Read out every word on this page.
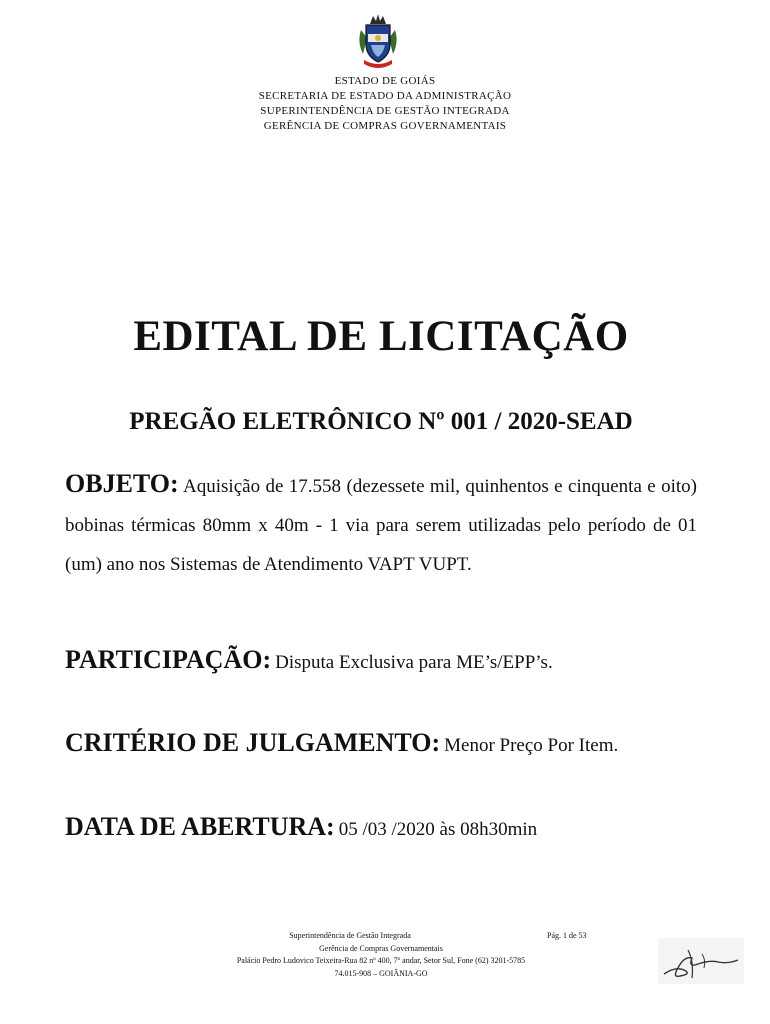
ESTADO DE GOIÁS
SECRETARIA DE ESTADO DA ADMINISTRAÇÃO
SUPERINTENDÊNCIA DE GESTÃO INTEGRADA
GERÊNCIA DE COMPRAS GOVERNAMENTAIS
EDITAL DE LICITAÇÃO
PREGÃO ELETRÔNICO Nº 001 / 2020-SEAD
OBJETO: Aquisição de 17.558 (dezessete mil, quinhentos e cinquenta e oito) bobinas térmicas 80mm x 40m - 1 via para serem utilizadas pelo período de 01 (um) ano nos Sistemas de Atendimento VAPT VUPT.
PARTICIPAÇÃO: Disputa Exclusiva para ME’s/EPP’s.
CRITÉRIO DE JULGAMENTO: Menor Preço Por Item.
DATA DE ABERTURA: 05 /03 /2020 às 08h30min
Superintendência de Gestão Integrada	Pág. 1 de 53
Gerência de Compras Governamentais
Palácio Pedro Ludovico Teixeira-Rua 82 nº 400, 7º andar, Setor Sul, Fone (62) 3201-5785
74.015-908 – GOIÂNIA-GO
